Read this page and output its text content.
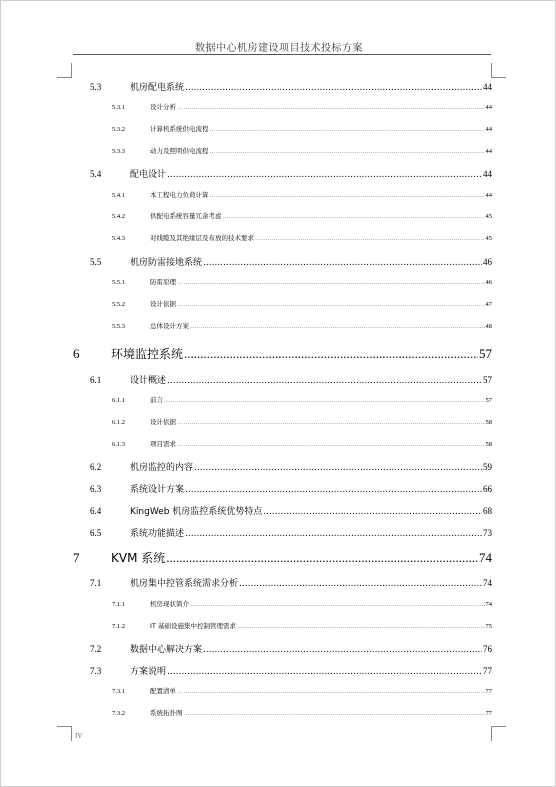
数据中心机房建设项目技术投标方案
IV
5.3	机房配电系统 .....	44
5.3.1	设计分析 .....	44
5.3.2	计算机系统供电流程 .....	44
5.3.3	动力及照明供电流程 .....	44
5.4	配电设计 .....	44
5.4.1	本工程电力负荷计算 .....	44
5.4.2	供配电系统容量冗余考虑 .....	45
5.4.3	对线缆及其绝缘层及布放的技术要求 .....	45
5.5	机房防雷接地系统 .....	46
5.5.1	防雷原理 .....	46
5.5.2	设计依据 .....	47
5.5.3	总体设计方案 .....	48
6	环境监控系统 .....	57
6.1	设计概述 .....	57
6.1.1	前言 .....	57
6.1.2	设计依据 .....	58
6.1.3	项目需求 .....	58
6.2	机房监控的内容 .....	59
6.3	系统设计方案 .....	66
6.4	KingWeb 机房监控系统优势特点 .....	68
6.5	系统功能描述 .....	73
7	KVM 系统 .....	74
7.1	机房集中控管系统需求分析 .....	74
7.1.1	机房现状简介 .....	74
7.1.2	IT 基础设施集中控制管理需求 .....	75
7.2	数据中心解决方案 .....	76
7.3	方案说明 .....	77
7.3.1	配置清单 .....	77
7.3.2	系统拓扑图 .....	77
